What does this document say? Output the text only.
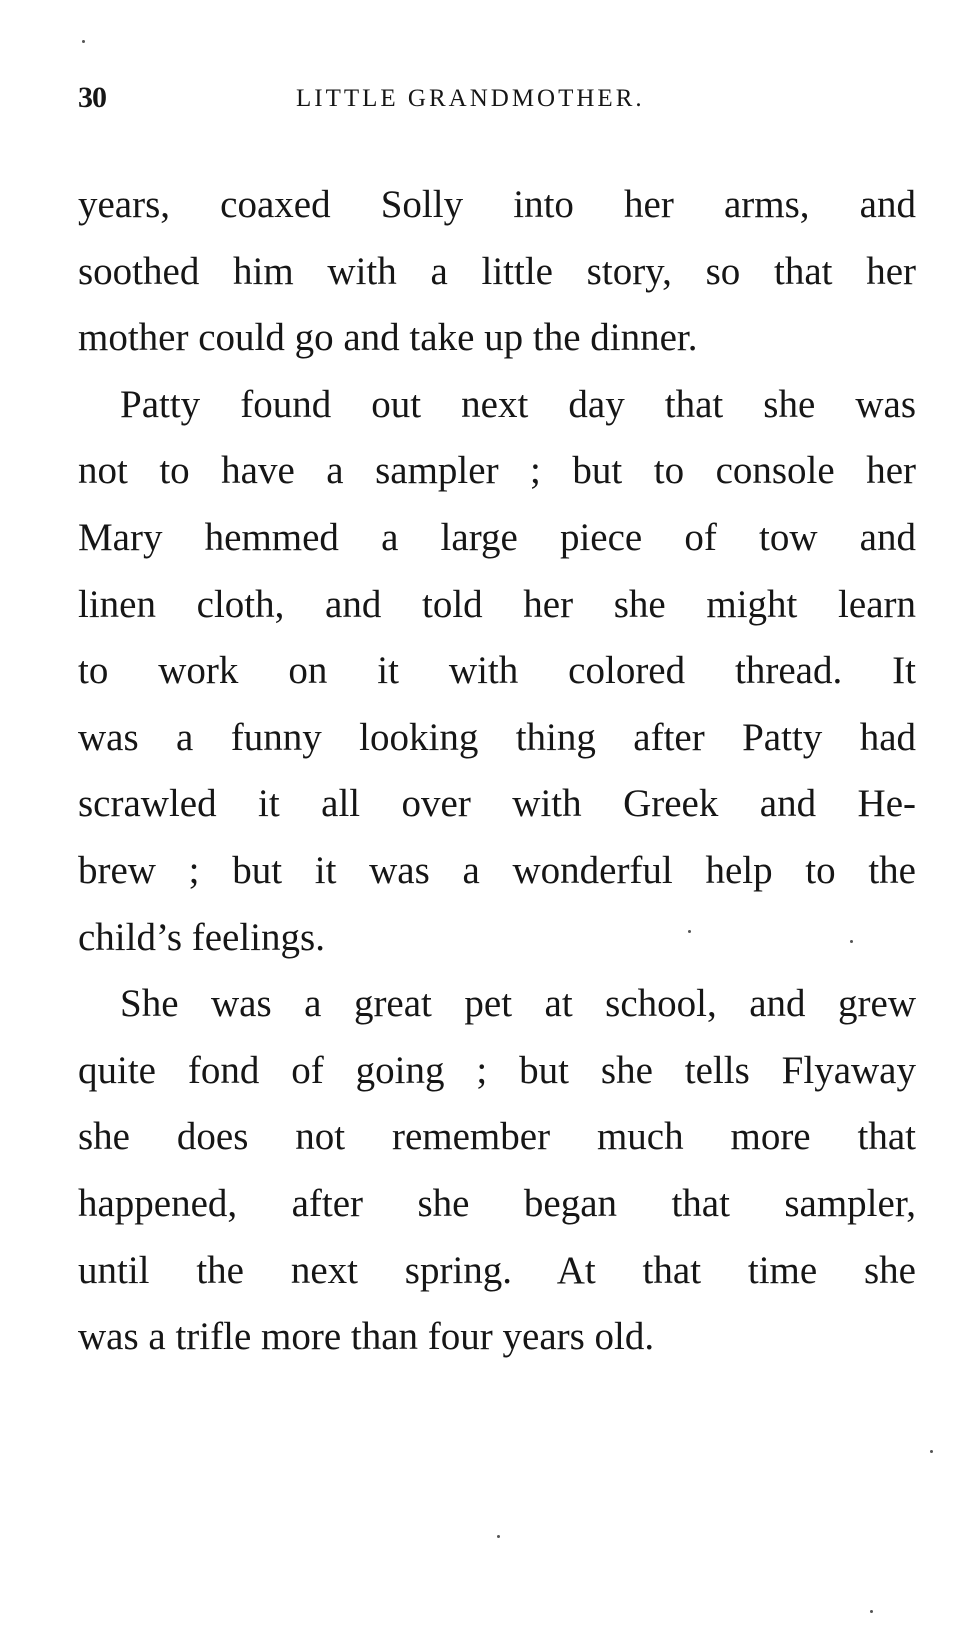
30	LITTLE GRANDMOTHER.
years, coaxed Solly into her arms, and
soothed him with a little story, so that her
mother could go and take up the dinner.
Patty found out next day that she was
not to have a sampler ; but to console her
Mary hemmed a large piece of tow and
linen cloth, and told her she might learn
to work on it with colored thread. It
was a funny looking thing after Patty had
scrawled it all over with Greek and He-
brew ; but it was a wonderful help to the
child’s feelings.
She was a great pet at school, and grew
quite fond of going ; but she tells Flyaway
she does not remember much more that
happened, after she began that sampler,
until the next spring. At that time she
was a trifle more than four years old.
